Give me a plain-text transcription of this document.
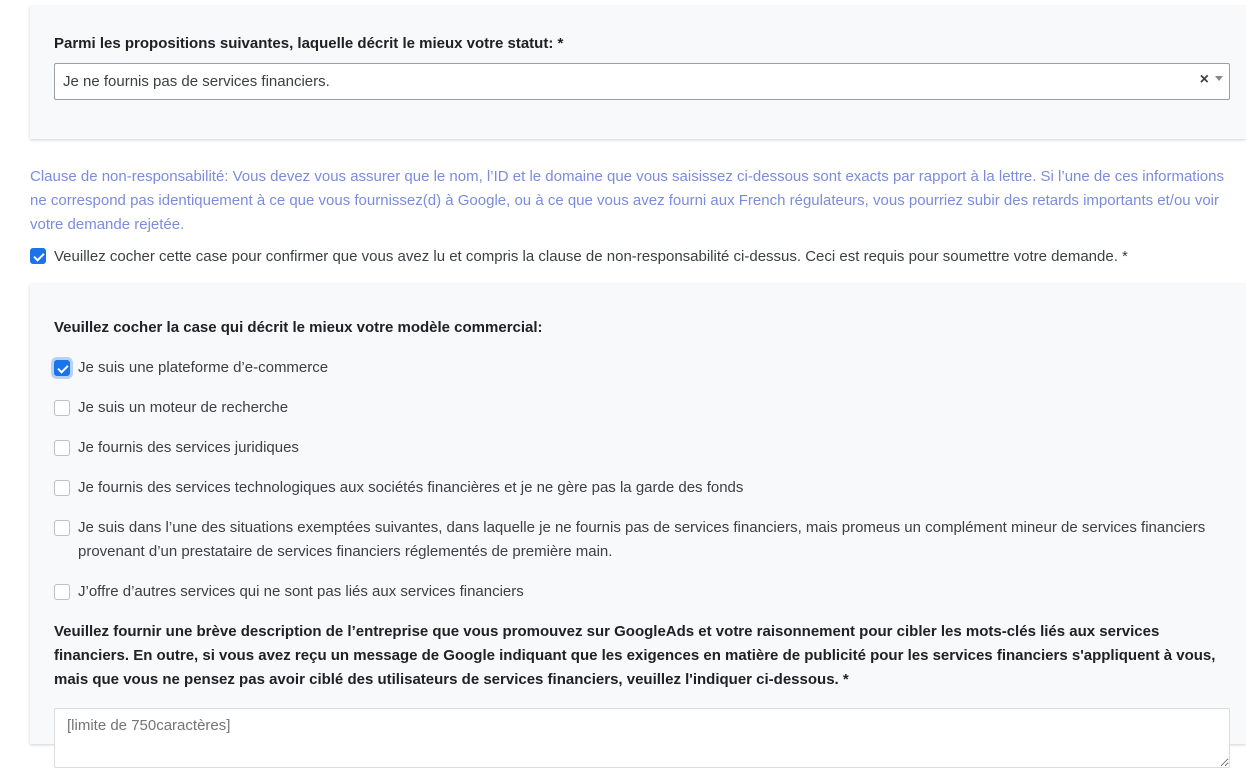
Parmi les propositions suivantes, laquelle décrit le mieux votre statut: *
Je ne fournis pas de services financiers.	×
Clause de non-responsabilité: Vous devez vous assurer que le nom, l’ID et le domaine que vous saisissez ci-dessous sont exacts par rapport à la lettre. Si l’une de ces informations ne correspond pas identiquement à ce que vous fournissez(d) à Google, ou à ce que vous avez fourni aux French régulateurs, vous pourriez subir des retards importants et/ou voir votre demande rejetée.
Veuillez cocher cette case pour confirmer que vous avez lu et compris la clause de non-responsabilité ci-dessus. Ceci est requis pour soumettre votre demande. *
Veuillez cocher la case qui décrit le mieux votre modèle commercial:
Je suis une plateforme d’e-commerce
Je suis un moteur de recherche
Je fournis des services juridiques
Je fournis des services technologiques aux sociétés financières et je ne gère pas la garde des fonds
Je suis dans l’une des situations exemptées suivantes, dans laquelle je ne fournis pas de services financiers, mais promeus un complément mineur de services financiers provenant d’un prestataire de services financiers réglementés de première main.
J’offre d’autres services qui ne sont pas liés aux services financiers
Veuillez fournir une brève description de l’entreprise que vous promouvez sur GoogleAds et votre raisonnement pour cibler les mots-clés liés aux services financiers. En outre, si vous avez reçu un message de Google indiquant que les exigences en matière de publicité pour les services financiers s'appliquent à vous, mais que vous ne pensez pas avoir ciblé des utilisateurs de services financiers, veuillez l'indiquer ci-dessous. *
[limite de 750caractères]
